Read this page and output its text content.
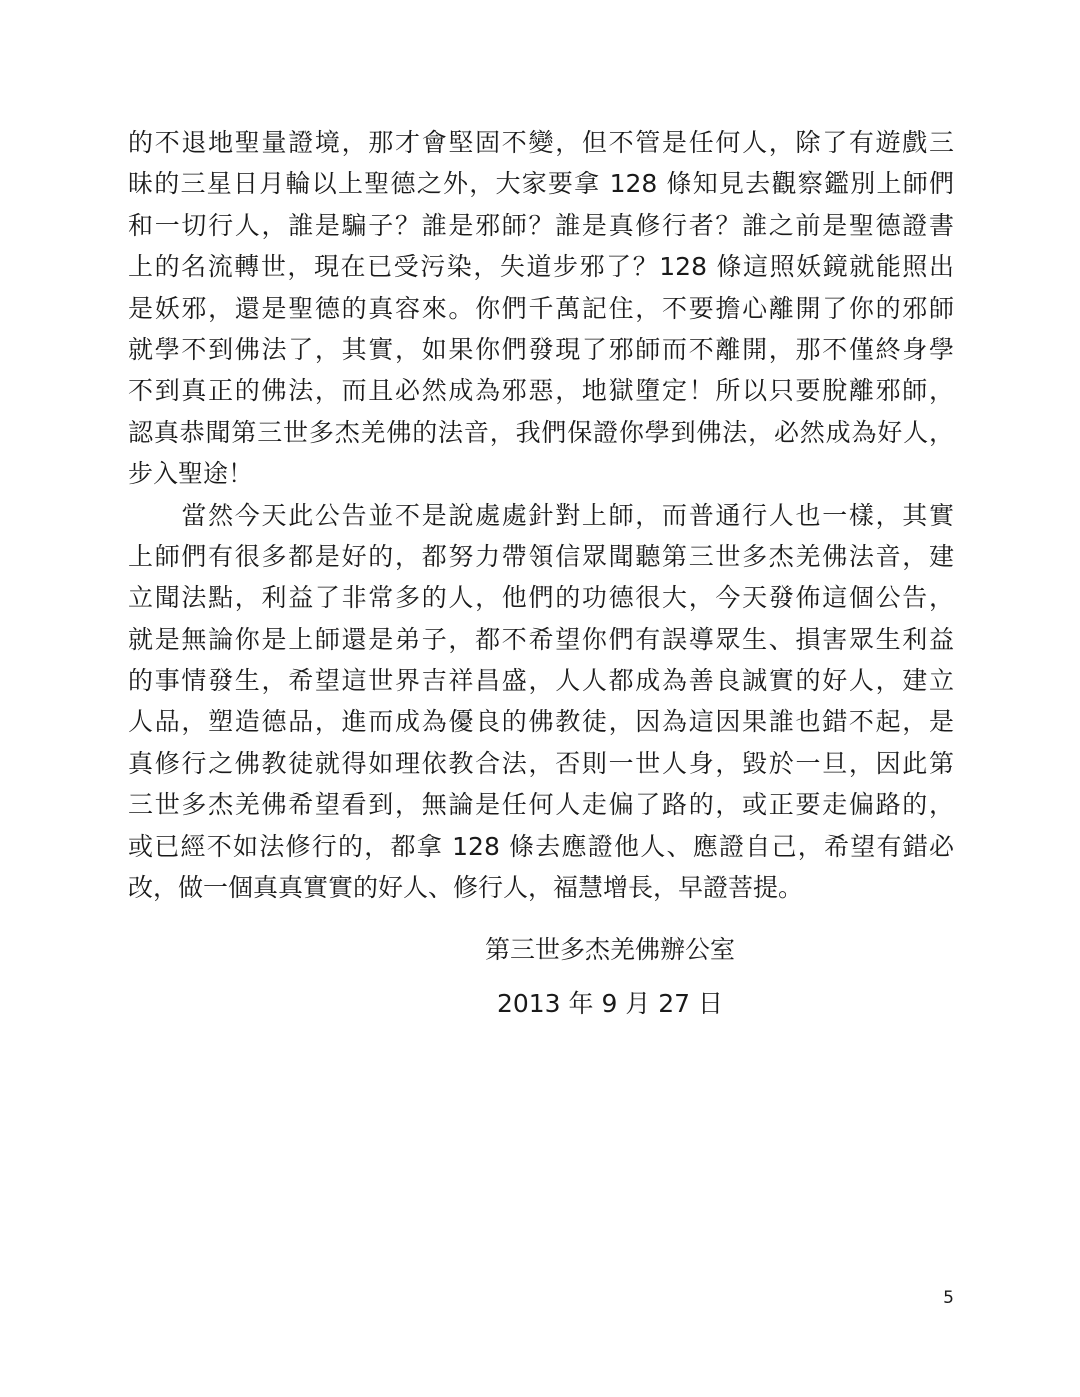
的不退地聖量證境，那才會堅固不變，但不管是任何人，除了有遊戲三
昧的三星日月輪以上聖德之外，大家要拿 128 條知見去觀察鑑別上師們
和一切行人，誰是騙子？誰是邪師？誰是真修行者？誰之前是聖德證書
上的名流轉世，現在已受污染，失道步邪了？128 條這照妖鏡就能照出
是妖邪，還是聖德的真容來。你們千萬記住，不要擔心離開了你的邪師
就學不到佛法了，其實，如果你們發現了邪師而不離開，那不僅終身學
不到真正的佛法，而且必然成為邪惡，地獄墮定！所以只要脫離邪師，
認真恭聞第三世多杰羌佛的法音，我們保證你學到佛法，必然成為好人，
步入聖途！
　　當然今天此公告並不是說處處針對上師，而普通行人也一樣，其實
上師們有很多都是好的，都努力帶領信眾聞聽第三世多杰羌佛法音，建
立聞法點，利益了非常多的人，他們的功德很大，今天發佈這個公告，
就是無論你是上師還是弟子，都不希望你們有誤導眾生、損害眾生利益
的事情發生，希望這世界吉祥昌盛，人人都成為善良誠實的好人，建立
人品，塑造德品，進而成為優良的佛教徒，因為這因果誰也錯不起，是
真修行之佛教徒就得如理依教合法，否則一世人身，毀於一旦，因此第
三世多杰羌佛希望看到，無論是任何人走偏了路的，或正要走偏路的，
或已經不如法修行的，都拿 128 條去應證他人、應證自己，希望有錯必
改，做一個真真實實的好人、修行人，福慧增長，早證菩提。
第三世多杰羌佛辦公室
2013 年 9 月 27 日
5
